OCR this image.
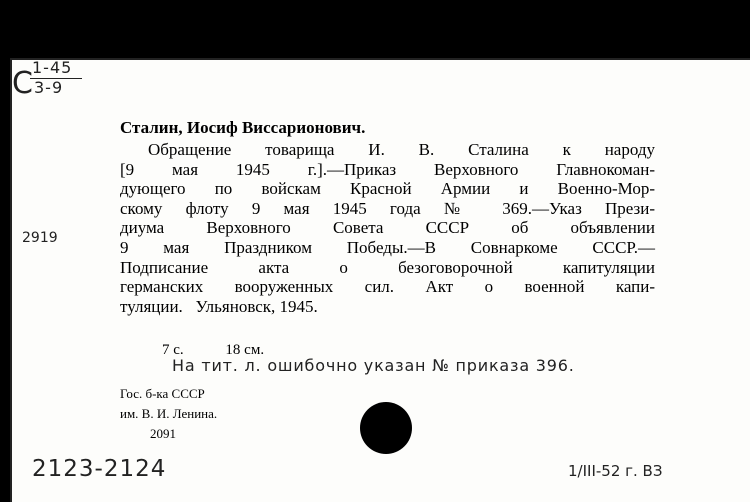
С 1-45
3-9
2919
Сталин, Иосиф Виссарионович.
Обращение товарища И. В. Сталина к народу
[9 мая 1945 г.].—Приказ Верховного Главнокоман-
дующего по войскам Красной Армии и Военно-Мор-
скому флоту 9 мая 1945 года № 369.—Указ Прези-
диума Верховного Совета СССР об объявлении
9 мая Праздником Победы.—В Совнаркоме СССР.—
Подписание акта о безоговорочной капитуляции
германских вооруженных сил. Акт о военной капи-
туляции.   Ульяновск, 1945.
7 с.	18 см.
На тит. л. ошибочно указан № приказа 396.
Гос. б-ка СССР
им. В. И. Ленина.
2091
2123-2124	1/III-52 г. ВЗ
